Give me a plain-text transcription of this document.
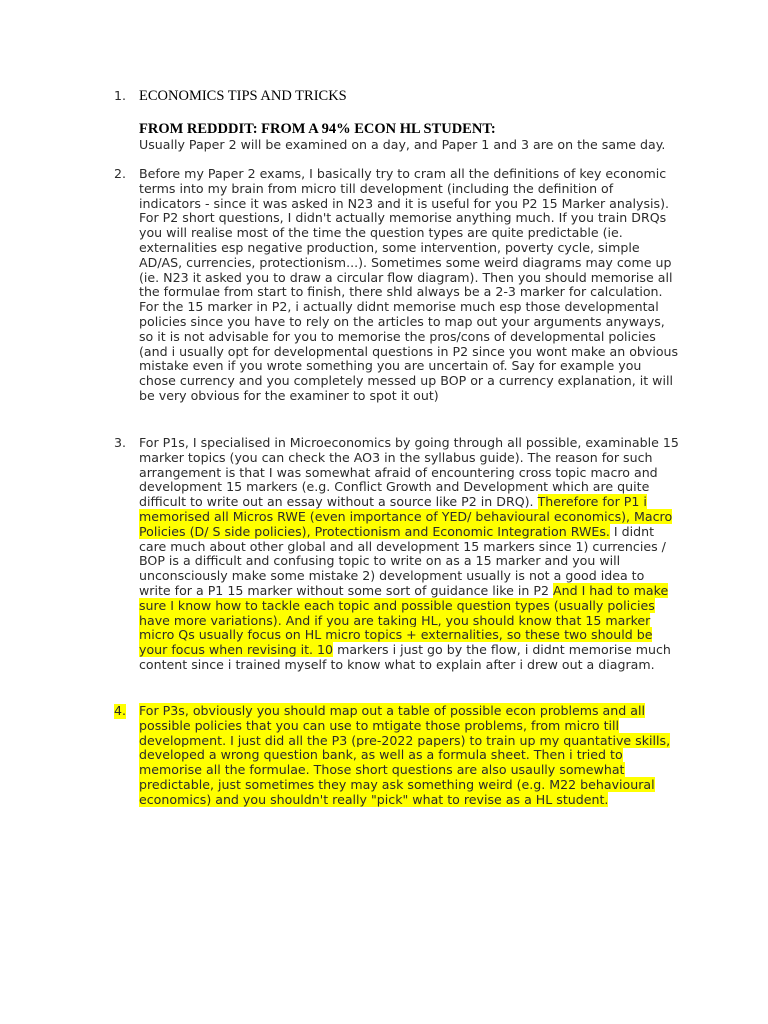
1. ECONOMICS TIPS AND TRICKS
FROM REDDDIT: FROM A 94% ECON HL STUDENT:
Usually Paper 2 will be examined on a day, and Paper 1 and 3 are on the same day.
2. Before my Paper 2 exams, I basically try to cram all the definitions of key economic terms into my brain from micro till development (including the definition of indicators - since it was asked in N23 and it is useful for you P2 15 Marker analysis). For P2 short questions, I didn't actually memorise anything much. If you train DRQs you will realise most of the time the question types are quite predictable (ie. externalities esp negative production, some intervention, poverty cycle, simple AD/AS, currencies, protectionism...). Sometimes some weird diagrams may come up (ie. N23 it asked you to draw a circular flow diagram). Then you should memorise all the formulae from start to finish, there shld always be a 2-3 marker for calculation. For the 15 marker in P2, i actually didnt memorise much esp those developmental policies since you have to rely on the articles to map out your arguments anyways, so it is not advisable for you to memorise the pros/cons of developmental policies (and i usually opt for developmental questions in P2 since you wont make an obvious mistake even if you wrote something you are uncertain of. Say for example you chose currency and you completely messed up BOP or a currency explanation, it will be very obvious for the examiner to spot it out)
3. For P1s, I specialised in Microeconomics by going through all possible, examinable 15 marker topics (you can check the AO3 in the syllabus guide). The reason for such arrangement is that I was somewhat afraid of encountering cross topic macro and development 15 markers (e.g. Conflict Growth and Development which are quite difficult to write out an essay without a source like P2 in DRQ). Therefore for P1 i memorised all Micros RWE (even importance of YED/ behavioural economics), Macro Policies (D/ S side policies), Protectionism and Economic Integration RWEs. I didnt care much about other global and all development 15 markers since 1) currencies / BOP is a difficult and confusing topic to write on as a 15 marker and you will unconsciously make some mistake 2) development usually is not a good idea to write for a P1 15 marker without some sort of guidance like in P2 And I had to make sure I know how to tackle each topic and possible question types (usually policies have more variations). And if you are taking HL, you should know that 15 marker micro Qs usually focus on HL micro topics + externalities, so these two should be your focus when revising it. 10 markers i just go by the flow, i didnt memorise much content since i trained myself to know what to explain after i drew out a diagram.
4. For P3s, obviously you should map out a table of possible econ problems and all possible policies that you can use to mtigate those problems, from micro till development. I just did all the P3 (pre-2022 papers) to train up my quantative skills, developed a wrong question bank, as well as a formula sheet. Then i tried to memorise all the formulae. Those short questions are also usaully somewhat predictable, just sometimes they may ask something weird (e.g. M22 behavioural economics) and you shouldn't really "pick" what to revise as a HL student.
